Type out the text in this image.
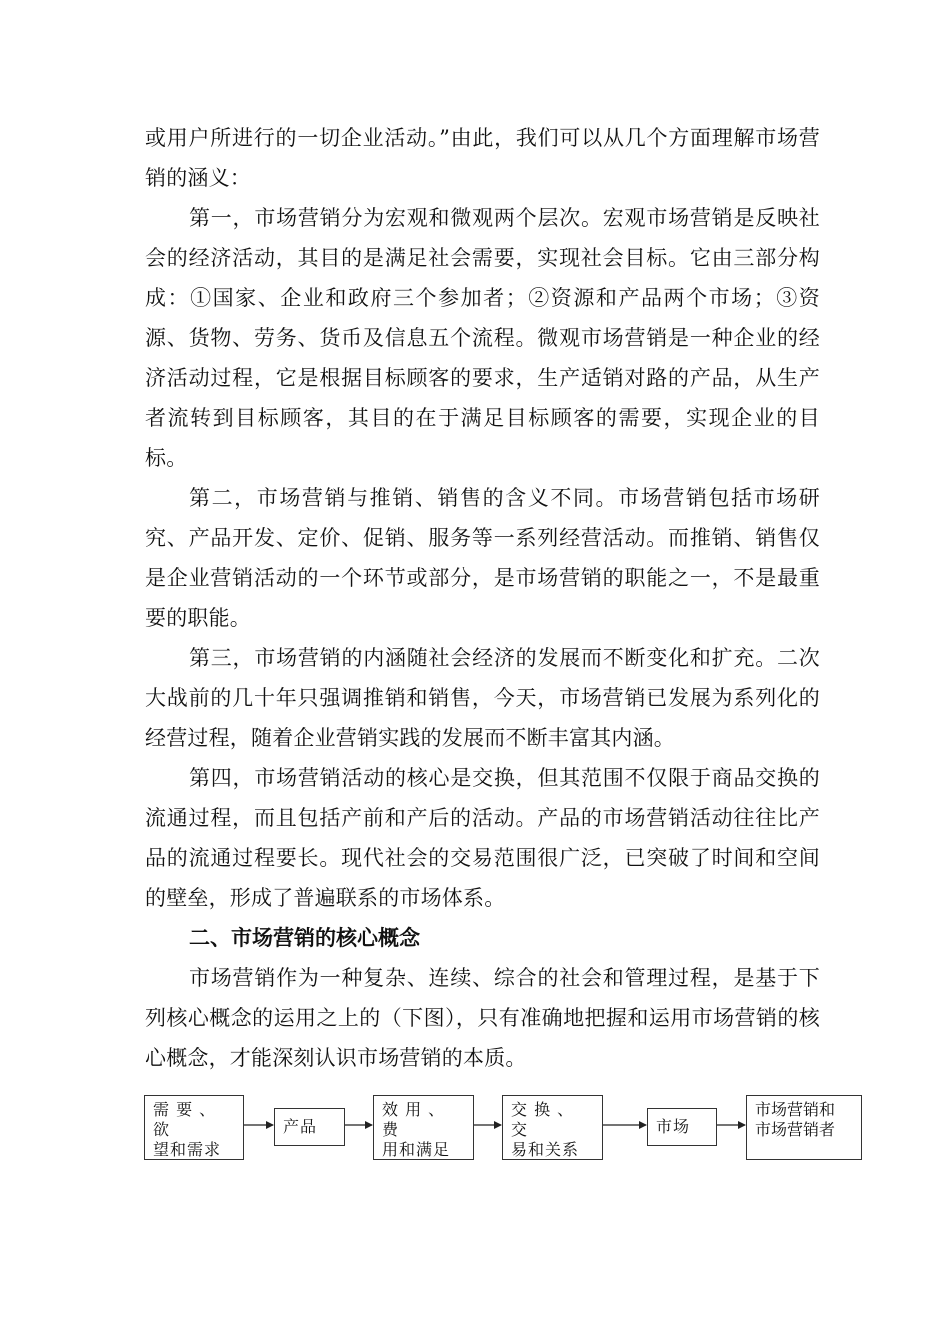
或用户所进行的一切企业活动。”由此，我们可以从几个方面理解市场营销的涵义：

第一，市场营销分为宏观和微观两个层次。宏观市场营销是反映社会的经济活动，其目的是满足社会需要，实现社会目标。它由三部分构成：①国家、企业和政府三个参加者；②资源和产品两个市场；③资源、货物、劳务、货币及信息五个流程。微观市场营销是一种企业的经济活动过程，它是根据目标顾客的要求，生产适销对路的产品，从生产者流转到目标顾客，其目的在于满足目标顾客的需要，实现企业的目标。

第二，市场营销与推销、销售的含义不同。市场营销包括市场研究、产品开发、定价、促销、服务等一系列经营活动。而推销、销售仅是企业营销活动的一个环节或部分，是市场营销的职能之一，不是最重要的职能。

第三，市场营销的内涵随社会经济的发展而不断变化和扩充。二次大战前的几十年只强调推销和销售，今天，市场营销已发展为系列化的经营过程，随着企业营销实践的发展而不断丰富其内涵。

第四，市场营销活动的核心是交换，但其范围不仅限于商品交换的流通过程，而且包括产前和产后的活动。产品的市场营销活动往往比产品的流通过程要长。现代社会的交易范围很广泛，已突破了时间和空间的壁垒，形成了普遍联系的市场体系。

二、市场营销的核心概念

市场营销作为一种复杂、连续、综合的社会和管理过程，是基于下列核心概念的运用之上的（下图），只有准确地把握和运用市场营销的核心概念，才能深刻认识市场营销的本质。

需 要 、 欲
望和需求
产品
效 用 、 费
用和满足
交 换 、 交
易和关系
市场
市场营销和
市场营销者
